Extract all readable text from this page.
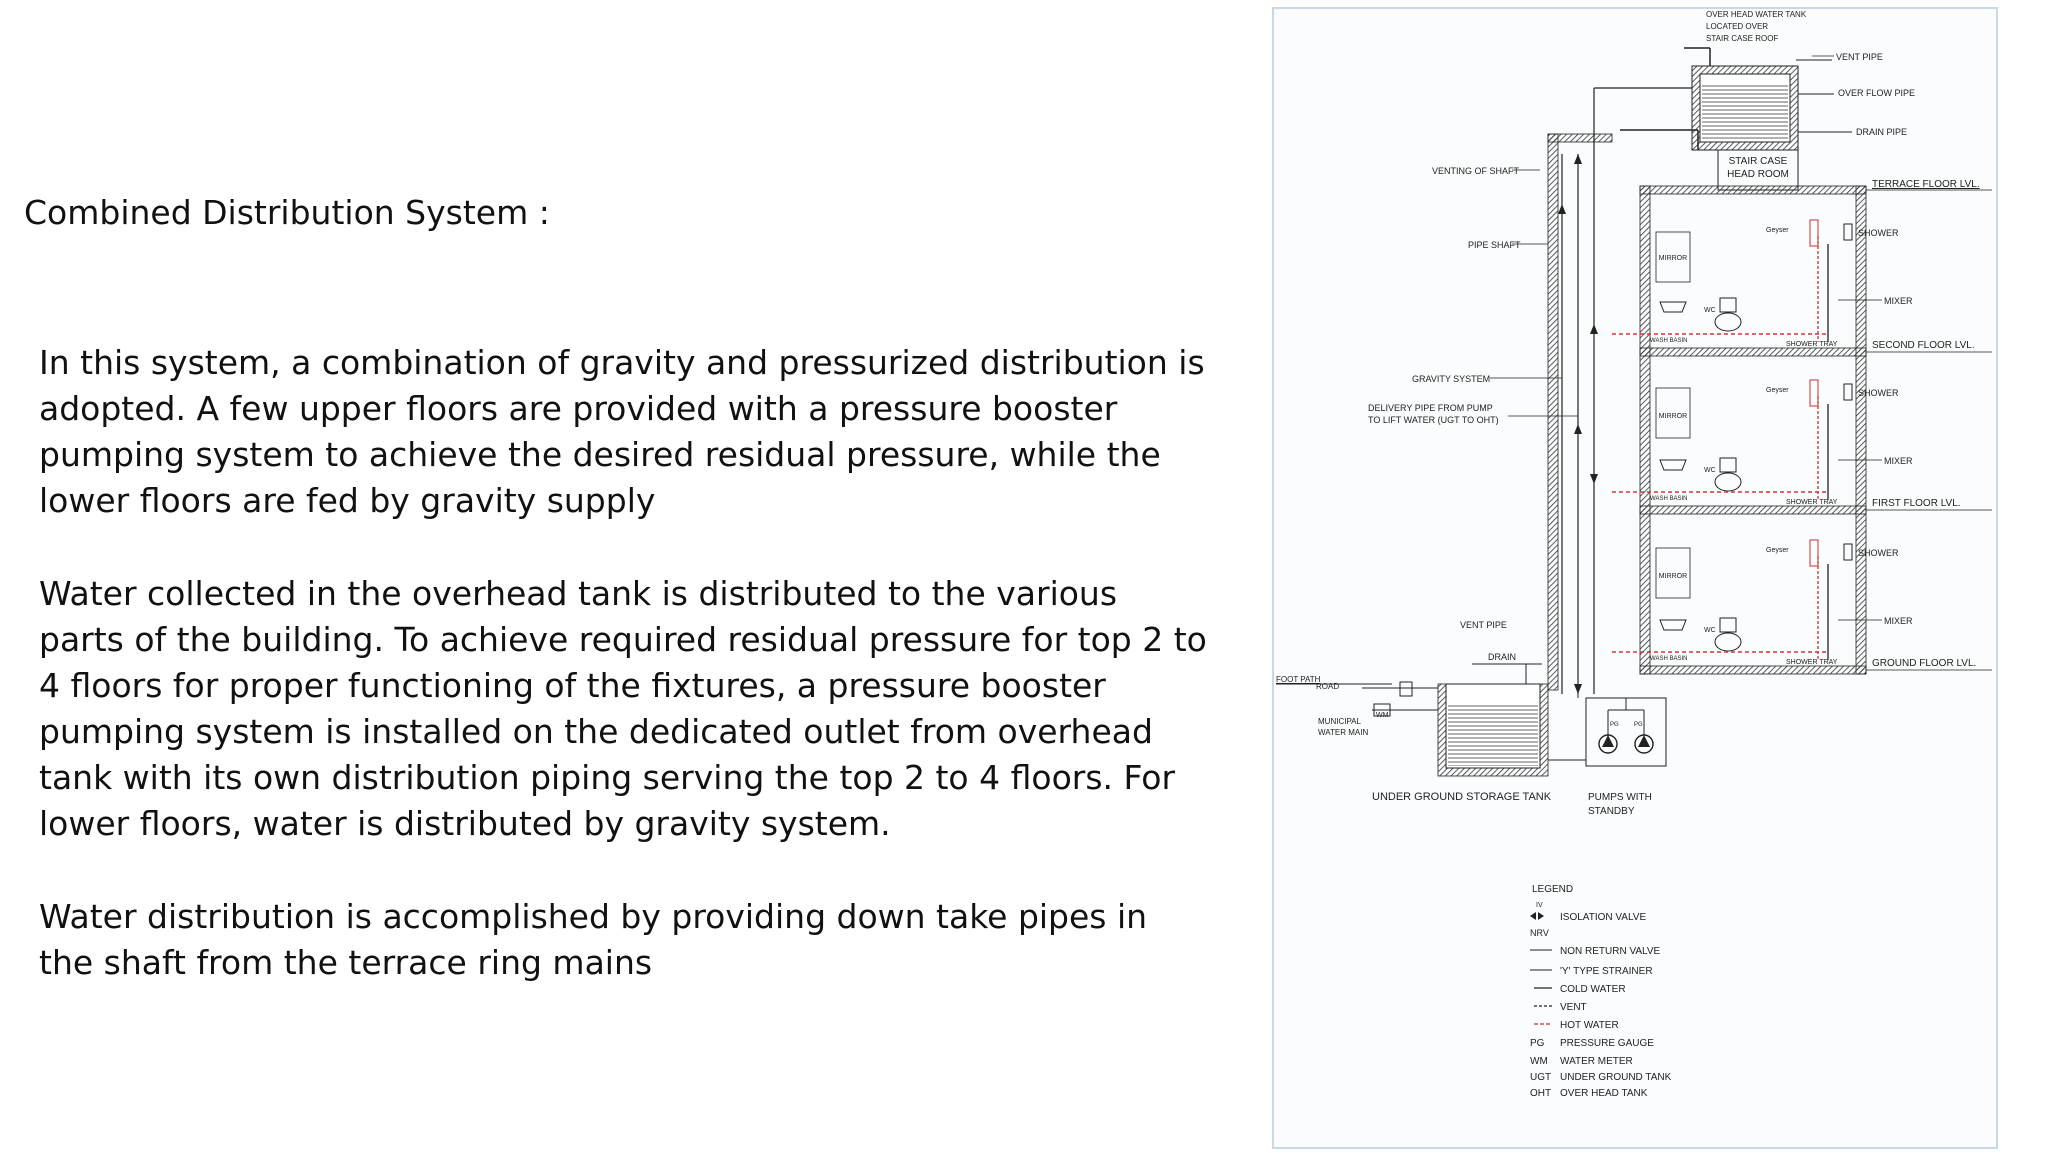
Combined Distribution System :

In this system, a combination of gravity and pressurized distribution is adopted. A few upper floors are provided with a pressure booster pumping system to achieve the desired residual pressure, while the lower floors are fed by gravity supply

Water collected in the overhead tank is distributed to the various parts of the building. To achieve required residual pressure for top 2 to 4 floors for proper functioning of the fixtures, a pressure booster pumping system is installed on the dedicated outlet from overhead tank with its own distribution piping serving the top 2 to 4 floors. For lower floors, water is distributed by gravity system.

Water distribution is accomplished by providing down take pipes in the shaft from the terrace ring mains

OVER HEAD WATER TANK
LOCATED OVER
STAIR CASE ROOF
VENT PIPE
OVER FLOW PIPE
DRAIN PIPE
STAIR CASE
HEAD ROOM
TERRACE FLOOR LVL.
SECOND FLOOR LVL.
FIRST FLOOR LVL.
GROUND FLOOR LVL.
VENTING OF SHAFT
PIPE SHAFT
GRAVITY SYSTEM
DELIVERY PIPE FROM PUMP
TO LIFT WATER (UGT TO OHT)
MIRROR
WC
Geyser	SHOWER
WASH BASIN	SHOWER TRAY
MIXER
MIRROR
WC
Geyser	SHOWER
WASH BASIN	SHOWER TRAY
MIXER
MIRROR
WC
Geyser	SHOWER
WASH BASIN	SHOWER TRAY
MIXER
FOOT PATH
ROAD
MUNICIPAL
WATER MAIN
WM
VENT PIPE
DRAIN
UNDER GROUND STORAGE TANK
PG	PG
PUMPS WITH
STANDBY
LEGEND
IV
ISOLATION VALVE
NRV
NON RETURN VALVE
'Y' TYPE STRAINER
COLD WATER
VENT
HOT WATER
PG PRESSURE GAUGE
WM WATER METER
UGT UNDER GROUND TANK
OHT OVER HEAD TANK
